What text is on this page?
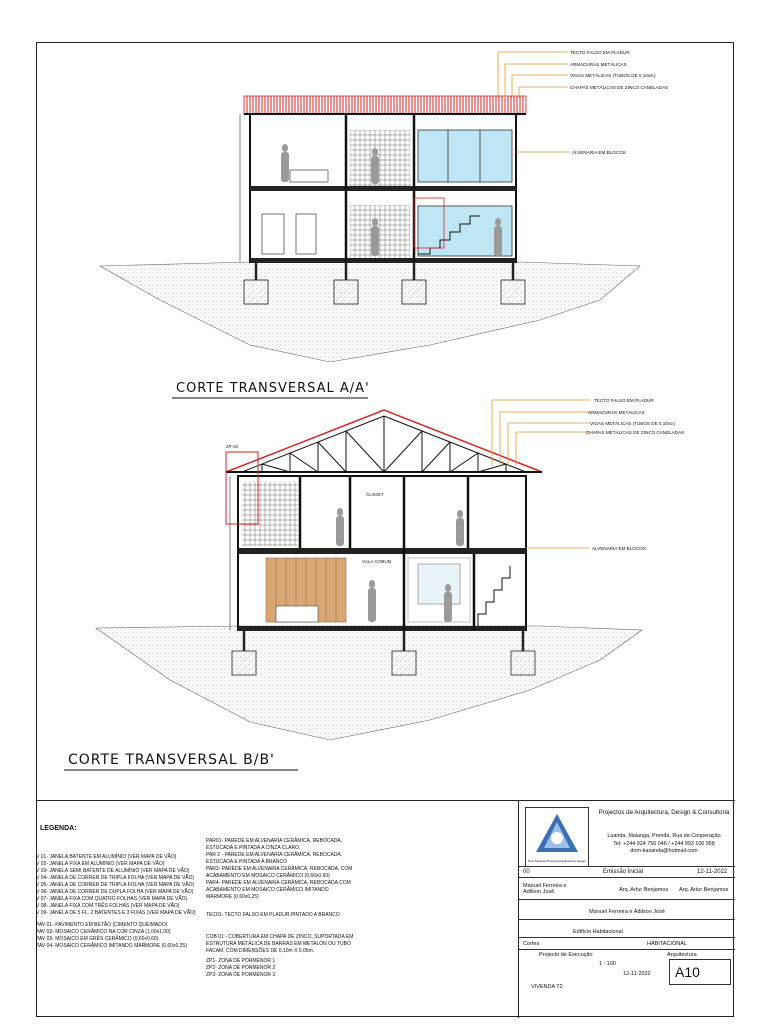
TECTO FALSO EM PLADUR
ARMADURAS METÁLICAS
VIGAS METÁLICAS (TUBOS DE 0,10x0,)
CHAPAS METÁLICAS DE ZINCO CANELADAS
ALVENARIA EM BLOCOS
ZP-03
CLOSET
SALA COMUM
TECTO FALSO EM PLADUR
ARMADURAS METÁLICAS
VIGAS METÁLICAS (TUBOS DE 0,10x0,)
CHAPAS METÁLICAS DE ZINCO CANELADAS
ALVENARIA EM BLOCOS
CORTE TRANSVERSAL A/A'
CORTE TRANSVERSAL B/B'
LEGENDA:
V 01- JANELA BATENTE EM ALUMÍNIO (VER MAPA DE VÃO)
V 02- JANELA FIXA EM ALUMÍNIO (VER MAPA DE VÃO)
V 03- JANELA SEMI BATENTE DE ALUMÍNIO (VER MAPA DE VÃO)
V 04- JANELA DE CORRER DE TRIPLA FOLHA (VER MAPA DE VÃO)
V 05- JANELA DE CORRER DE TRIPLA FOLHA (VER MAPA DE VÃO)
V 06- JANELA DE CORRER DE DUPLA FOLHA (VER MAPA DE VÃO)
V 07- JANELA FIXA COM QUATRO FOLHAS (VER MAPA DE VÃO)
V 08- JANELA FIXA COM TRÊS FOLHAS (VER MAPA DE VÃO)
V 09- JANELA DE 5 FL. 2 BATENTES E 3 FIXAS (VER MAPA DE VÃO)
PAV 01- PAVIMENTO EM BETÃO (CIMENTO QUEIMADO)
PAV 02- MOSAICO CERÂMICO NA COR CINZA (1,00x1,00)
PAV 03- MOSAICO EM GRÉS CERÂMICO (0,60x0,60)
PAV 04- MOSAICO CERÂMICO IMITANDO MÁRMORE (0,60x0,25)
PAR01- PAREDE EM ALVENARIA CERÂMICA, REBOCADA,
ESTUCADA E PINTADA A CINZA CLARO,
PAR 2 - PAREDE EM ALVENARIA CERÂMICA, REBOCADA,
ESTUCADA E PINTADA A BRANCO
PAR3- PAREDE EM ALVENARIA CERÂMICA, REBOCADA, COM
ACABAMENTO EM MOSAICO CERÂMICO (0,60x0,60)
PAR4- PAREDE EM ALVENARIA CERÂMICA, REBOCADA COM
ACABAMENTO EM MOSAICO CERÂMICO IMITANDO
MÁRMORE (0,60x0,25)
TEC01- TECTO FALSO EM PLADUR PINTADO A BRANCO
COB 01 - COBERTURA EM CHAPA DE ZINCO, SUPORTADA EM
ESTRUTURA METÁLICA DE BARRAS EM METALON OU TUBO
FACAM, COM DIMENSÕES DE 0,10m X 0,05m.
ZP1- ZONA DE PORMENOR 1
ZP2- ZONA DE PORMENOR 2
ZP3- ZONA DE PORMENOR 3
Dom Kasanda Projectos Arquitectura e Design
Projectos de Arquitectura, Design & Consultoria
Luanda, Maianga, Prenda, Rua da Cooperação
Tel: +244 924 756 046 / +244 993 100 958
dom-kasanda@hotmail.com
00	Emissão Inicial	12-11-2022
Manuel Ferreira e
Adilson Josê	Arq. Artur Benjamos Arq. Artur Benjamos
Manuel Ferreira e Adilson Josê
Edifício Habitacional
Cortes	HABITACIONAL
Projecto de Execução	Arquitectura
1 : 100
12-11-2022
VIVENDA T2
A10
